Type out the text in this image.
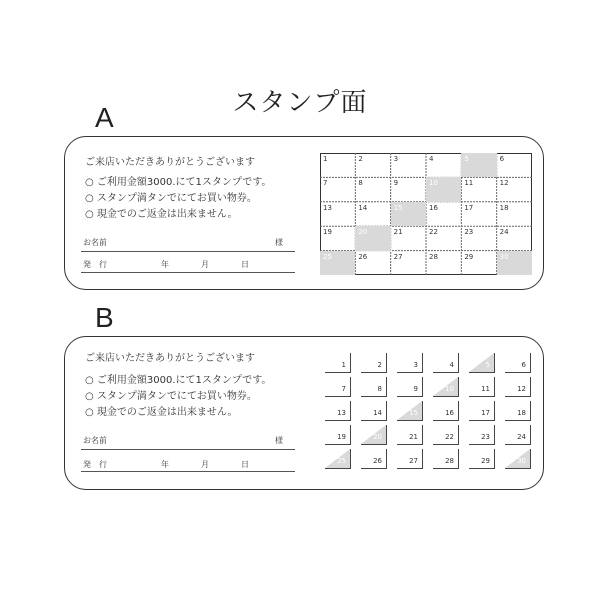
スタンプ面
A
ご来店いただきありがとうございます
○ ご利用金額3000.にて1スタンプです。
○ スタンプ満タンでにてお買い物券。
○ 現金でのご返金は出来ません。
お名前	様
発　行	年	月	日
1	2	3	4	5	6
7	8	9	10	11	12
13	14	15	16	17	18
19	20	21	22	23	24
25	26	27	28	29	30
B
ご来店いただきありがとうございます
○ ご利用金額3000.にて1スタンプです。
○ スタンプ満タンでにてお買い物券。
○ 現金でのご返金は出来ません。
お名前	様
発　行	年	月	日
1	2	3	4	5	6
7	8	9	10	11	12
13	14	15	16	17	18
19	20	21	22	23	24
25	26	27	28	29	30
